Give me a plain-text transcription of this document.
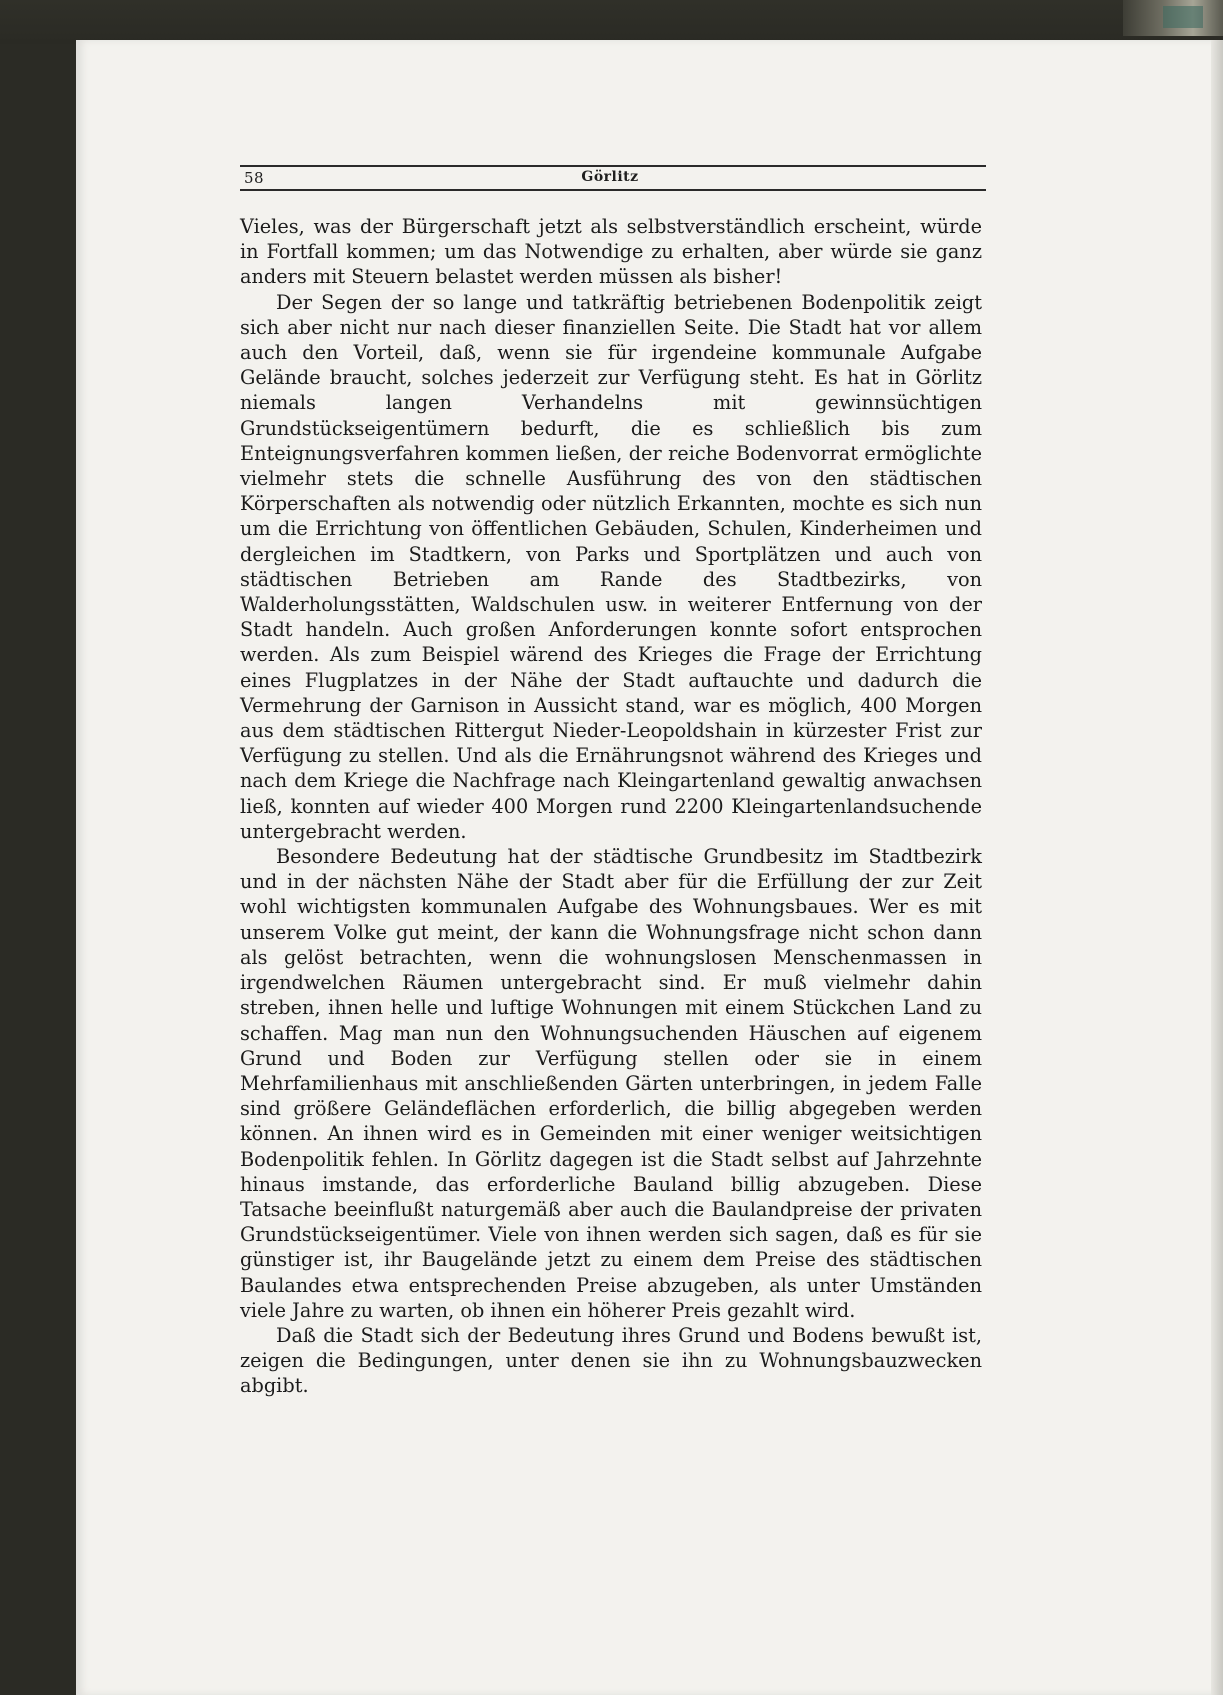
58	Görlitz

Vieles, was der Bürgerschaft jetzt als selbstverständlich erscheint, würde in Fortfall kommen; um das Notwendige zu erhalten, aber würde sie ganz anders mit Steuern belastet werden müssen als bisher!

Der Segen der so lange und tatkräftig betriebenen Bodenpolitik zeigt sich aber nicht nur nach dieser finanziellen Seite. Die Stadt hat vor allem auch den Vorteil, daß, wenn sie für irgendeine kommunale Aufgabe Gelände braucht, solches jederzeit zur Verfügung steht. Es hat in Görlitz niemals langen Verhandelns mit gewinnsüchtigen Grundstückseigentümern bedurft, die es schließlich bis zum Enteignungsverfahren kommen ließen, der reiche Bodenvorrat ermöglichte vielmehr stets die schnelle Ausführung des von den städtischen Körperschaften als notwendig oder nützlich Erkannten, mochte es sich nun um die Errichtung von öffentlichen Gebäuden, Schulen, Kinderheimen und dergleichen im Stadtkern, von Parks und Sportplätzen und auch von städtischen Betrieben am Rande des Stadtbezirks, von Walderholungsstätten, Waldschulen usw. in weiterer Entfernung von der Stadt handeln. Auch großen Anforderungen konnte sofort entsprochen werden. Als zum Beispiel wärend des Krieges die Frage der Errichtung eines Flugplatzes in der Nähe der Stadt auftauchte und dadurch die Vermehrung der Garnison in Aussicht stand, war es möglich, 400 Morgen aus dem städtischen Rittergut Nieder-Leopoldshain in kürzester Frist zur Verfügung zu stellen. Und als die Ernährungsnot während des Krieges und nach dem Kriege die Nachfrage nach Kleingartenland gewaltig anwachsen ließ, konnten auf wieder 400 Morgen rund 2200 Kleingartenlandsuchende untergebracht werden.

Besondere Bedeutung hat der städtische Grundbesitz im Stadtbezirk und in der nächsten Nähe der Stadt aber für die Erfüllung der zur Zeit wohl wichtigsten kommunalen Aufgabe des Wohnungsbaues. Wer es mit unserem Volke gut meint, der kann die Wohnungsfrage nicht schon dann als gelöst betrachten, wenn die wohnungslosen Menschenmassen in irgendwelchen Räumen untergebracht sind. Er muß vielmehr dahin streben, ihnen helle und luftige Wohnungen mit einem Stückchen Land zu schaffen. Mag man nun den Wohnungsuchenden Häuschen auf eigenem Grund und Boden zur Verfügung stellen oder sie in einem Mehrfamilienhaus mit anschließenden Gärten unterbringen, in jedem Falle sind größere Geländeflächen erforderlich, die billig abgegeben werden können. An ihnen wird es in Gemeinden mit einer weniger weitsichtigen Bodenpolitik fehlen. In Görlitz dagegen ist die Stadt selbst auf Jahrzehnte hinaus imstande, das erforderliche Bauland billig abzugeben. Diese Tatsache beeinflußt naturgemäß aber auch die Baulandpreise der privaten Grundstückseigentümer. Viele von ihnen werden sich sagen, daß es für sie günstiger ist, ihr Baugelände jetzt zu einem dem Preise des städtischen Baulandes etwa entsprechenden Preise abzugeben, als unter Umständen viele Jahre zu warten, ob ihnen ein höherer Preis gezahlt wird.

Daß die Stadt sich der Bedeutung ihres Grund und Bodens bewußt ist, zeigen die Bedingungen, unter denen sie ihn zu Wohnungsbauzwecken abgibt.
